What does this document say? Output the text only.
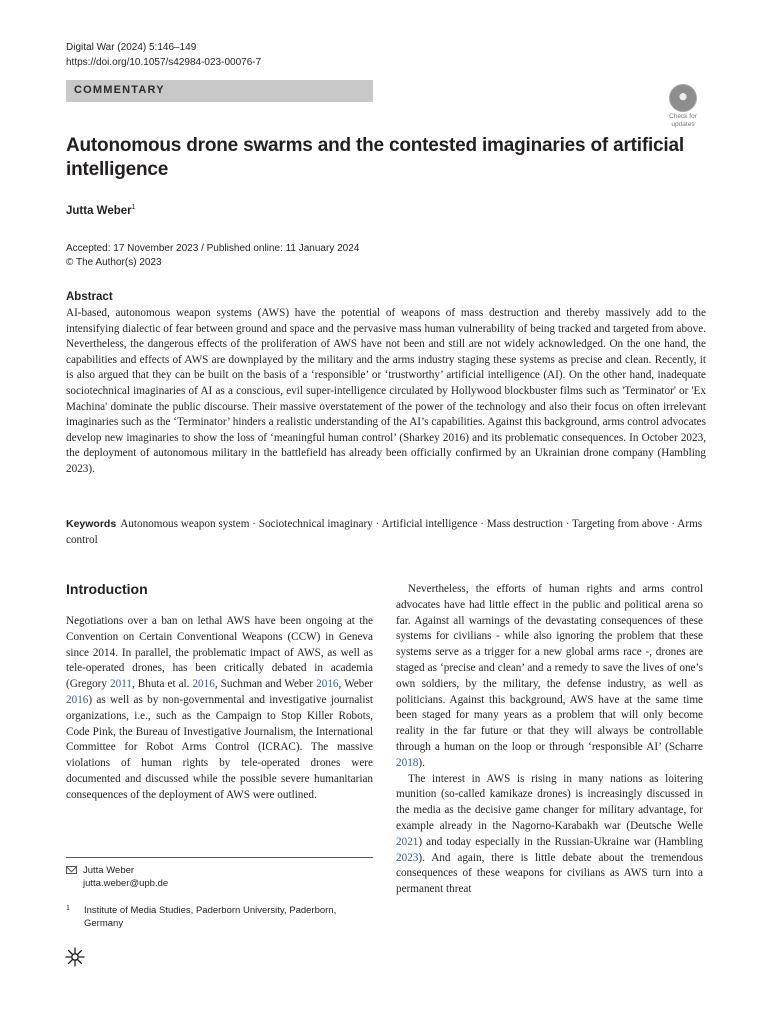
Digital War (2024) 5:146–149
https://doi.org/10.1057/s42984-023-00076-7
COMMENTARY
Check for
updates
Autonomous drone swarms and the contested imaginaries of artificial intelligence
Jutta Weber$^1$
Accepted: 17 November 2023 / Published online: 11 January 2024
© The Author(s) 2023
Abstract

AI-based, autonomous weapon systems (AWS) have the potential of weapons of mass destruction and thereby massively add to the intensifying dialectic of fear between ground and space and the pervasive mass human vulnerability of being tracked and targeted from above. Nevertheless, the dangerous effects of the proliferation of AWS have not been and still are not widely acknowledged. On the one hand, the capabilities and effects of AWS are downplayed by the military and the arms industry staging these systems as precise and clean. Recently, it is also argued that they can be built on the basis of a ‘responsible’ or ‘trustworthy’ artificial intelligence (AI). On the other hand, inadequate sociotechnical imaginaries of AI as a conscious, evil super-intelligence circulated by Hollywood blockbuster films such as 'Terminator' or 'Ex Machina' dominate the public discourse. Their massive overstatement of the power of the technology and also their focus on often irrelevant imaginaries such as the ‘Terminator’ hinders a realistic understanding of the AI’s capabilities. Against this background, arms control advocates develop new imaginaries to show the loss of ‘meaningful human control’ (Sharkey 2016) and its problematic consequences. In October 2023, the deployment of autonomous military in the battlefield has already been officially confirmed by an Ukrainian drone company (Hambling 2023).

Keywords Autonomous weapon system · Sociotechnical imaginary · Artificial intelligence · Mass destruction · Targeting from above · Arms control
Introduction

Negotiations over a ban on lethal AWS have been ongoing at the Convention on Certain Conventional Weapons (CCW) in Geneva since 2014. In parallel, the problematic impact of AWS, as well as tele-operated drones, has been critically debated in academia (Gregory 2011, Bhuta et al. 2016, Suchman and Weber 2016, Weber 2016) as well as by non-governmental and investigative journalist organizations, i.e., such as the Campaign to Stop Killer Robots, Code Pink, the Bureau of Investigative Journalism, the International Committee for Robot Arms Control (ICRAC). The massive violations of human rights by tele-operated drones were documented and discussed while the possible severe humanitarian consequences of the deployment of AWS were outlined.

Nevertheless, the efforts of human rights and arms control advocates have had little effect in the public and political arena so far. Against all warnings of the devastating consequences of these systems for civilians - while also ignoring the problem that these systems serve as a trigger for a new global arms race -, drones are staged as ‘precise and clean’ and a remedy to save the lives of one’s own soldiers, by the military, the defense industry, as well as politicians. Against this background, AWS have at the same time been staged for many years as a problem that will only become reality in the far future or that they will always be controllable through a human on the loop or through ‘responsible AI’ (Scharre 2018).

The interest in AWS is rising in many nations as loitering munition (so-called kamikaze drones) is increasingly discussed in the media as the decisive game changer for military advantage, for example already in the Nagorno-Karabakh war (Deutsche Welle 2021) and today especially in the Russian-Ukraine war (Hambling 2023). And again, there is little debate about the tremendous consequences of these weapons for civilians as AWS turn into a permanent threat

Jutta Weber
jutta.weber@upb.de
1 Institute of Media Studies, Paderborn University, Paderborn, Germany
